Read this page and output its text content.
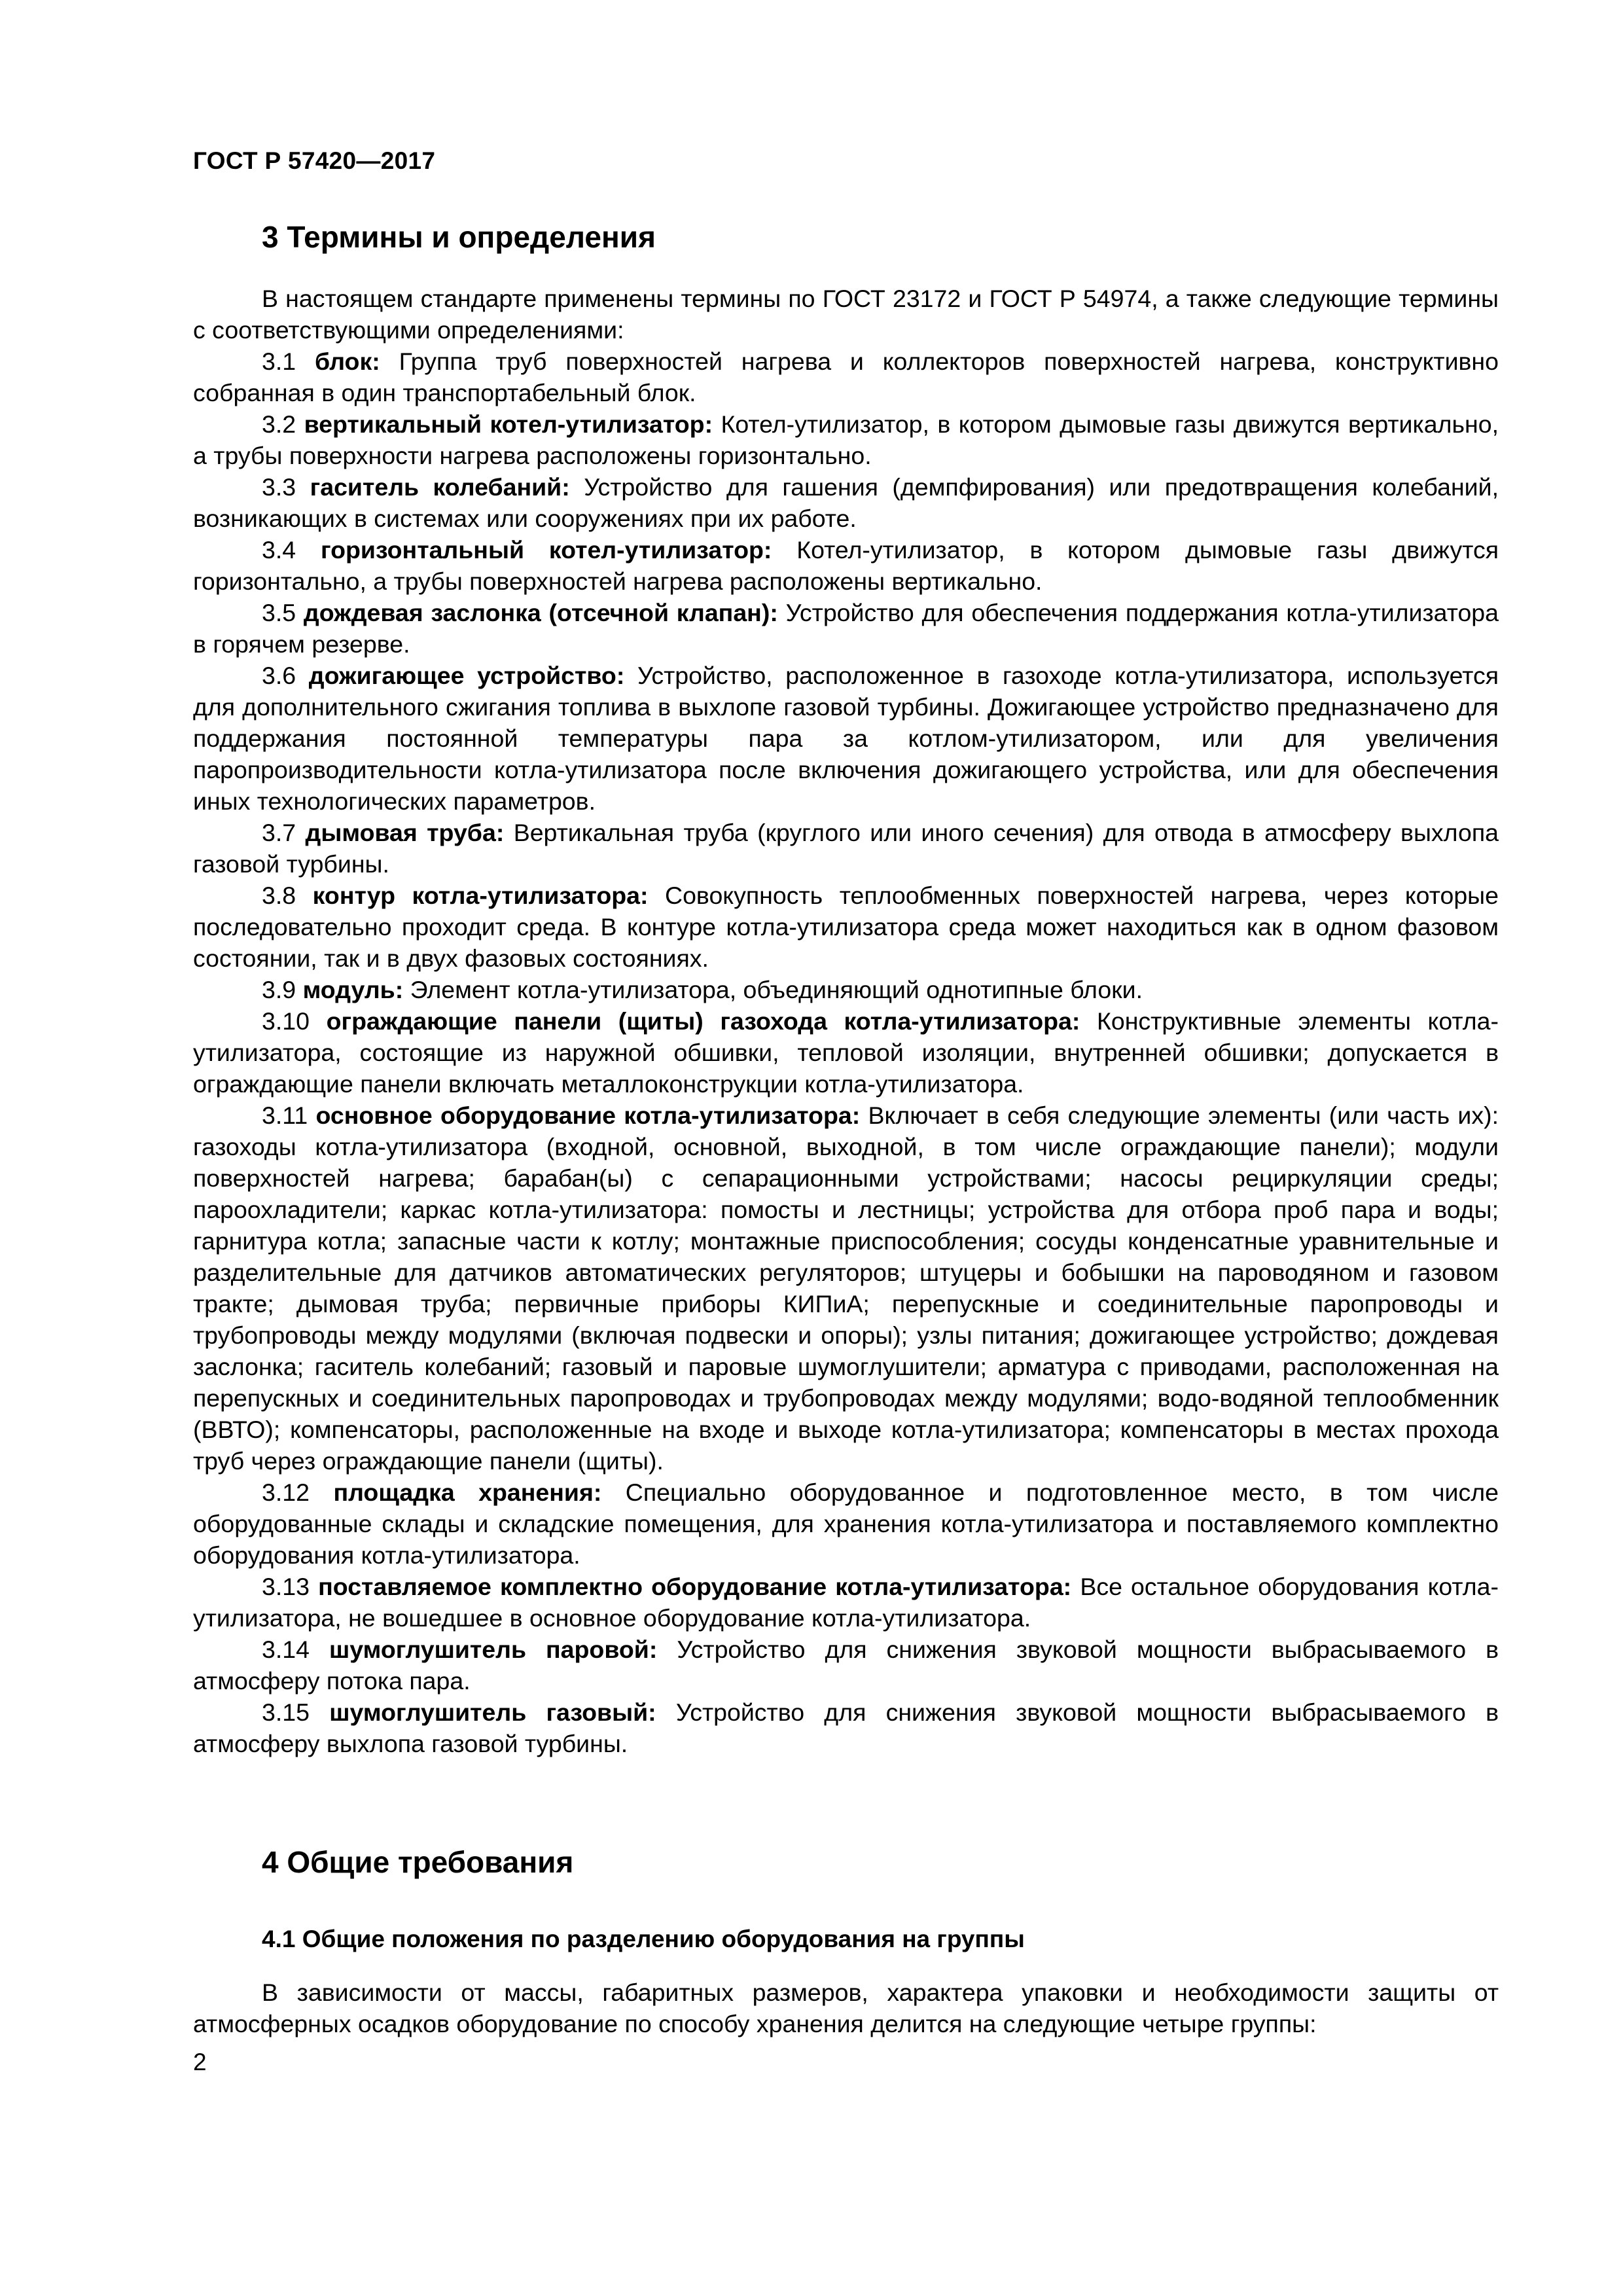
ГОСТ Р 57420—2017
3 Термины и определения

В настоящем стандарте применены термины по ГОСТ 23172 и ГОСТ Р 54974, а также следующие термины с соответствующими определениями:

3.1 блок: Группа труб поверхностей нагрева и коллекторов поверхностей нагрева, конструктивно собранная в один транспортабельный блок.

3.2 вертикальный котел-утилизатор: Котел-утилизатор, в котором дымовые газы движутся вертикально, а трубы поверхности нагрева расположены горизонтально.

3.3 гаситель колебаний: Устройство для гашения (демпфирования) или предотвращения колебаний, возникающих в системах или сооружениях при их работе.

3.4 горизонтальный котел-утилизатор: Котел-утилизатор, в котором дымовые газы движутся горизонтально, а трубы поверхностей нагрева расположены вертикально.

3.5 дождевая заслонка (отсечной клапан): Устройство для обеспечения поддержания котла-утилизатора в горячем резерве.

3.6 дожигающее устройство: Устройство, расположенное в газоходе котла-утилизатора, используется для дополнительного сжигания топлива в выхлопе газовой турбины. Дожигающее устройство предназначено для поддержания постоянной температуры пара за котлом-утилизатором, или для увеличения паропроизводительности котла-утилизатора после включения дожигающего устройства, или для обеспечения иных технологических параметров.

3.7 дымовая труба: Вертикальная труба (круглого или иного сечения) для отвода в атмосферу выхлопа газовой турбины.

3.8 контур котла-утилизатора: Совокупность теплообменных поверхностей нагрева, через которые последовательно проходит среда. В контуре котла-утилизатора среда может находиться как в одном фазовом состоянии, так и в двух фазовых состояниях.

3.9 модуль: Элемент котла-утилизатора, объединяющий однотипные блоки.

3.10 ограждающие панели (щиты) газохода котла-утилизатора: Конструктивные элементы котла-утилизатора, состоящие из наружной обшивки, тепловой изоляции, внутренней обшивки; допускается в ограждающие панели включать металлоконструкции котла-утилизатора.

3.11 основное оборудование котла-утилизатора: Включает в себя следующие элементы (или часть их): газоходы котла-утилизатора (входной, основной, выходной, в том числе ограждающие панели); модули поверхностей нагрева; барабан(ы) с сепарационными устройствами; насосы рециркуляции среды; пароохладители; каркас котла-утилизатора: помосты и лестницы; устройства для отбора проб пара и воды; гарнитура котла; запасные части к котлу; монтажные приспособления; сосуды конденсатные уравнительные и разделительные для датчиков автоматических регуляторов; штуцеры и бобышки на пароводяном и газовом тракте; дымовая труба; первичные приборы КИПиА; перепускные и соединительные паропроводы и трубопроводы между модулями (включая подвески и опоры); узлы питания; дожигающее устройство; дождевая заслонка; гаситель колебаний; газовый и паровые шумоглушители; арматура с приводами, расположенная на перепускных и соединительных паропроводах и трубопроводах между модулями; водо-водяной теплообменник (ВВТО); компенсаторы, расположенные на входе и выходе котла-утилизатора; компенсаторы в местах прохода труб через ограждающие панели (щиты).

3.12 площадка хранения: Специально оборудованное и подготовленное место, в том числе оборудованные склады и складские помещения, для хранения котла-утилизатора и поставляемого комплектно оборудования котла-утилизатора.

3.13 поставляемое комплектно оборудование котла-утилизатора: Все остальное оборудования котла-утилизатора, не вошедшее в основное оборудование котла-утилизатора.

3.14 шумоглушитель паровой: Устройство для снижения звуковой мощности выбрасываемого в атмосферу потока пара.

3.15 шумоглушитель газовый: Устройство для снижения звуковой мощности выбрасываемого в атмосферу выхлопа газовой турбины.

4 Общие требования
4.1 Общие положения по разделению оборудования на группы

В зависимости от массы, габаритных размеров, характера упаковки и необходимости защиты от атмосферных осадков оборудование по способу хранения делится на следующие четыре группы:

2
